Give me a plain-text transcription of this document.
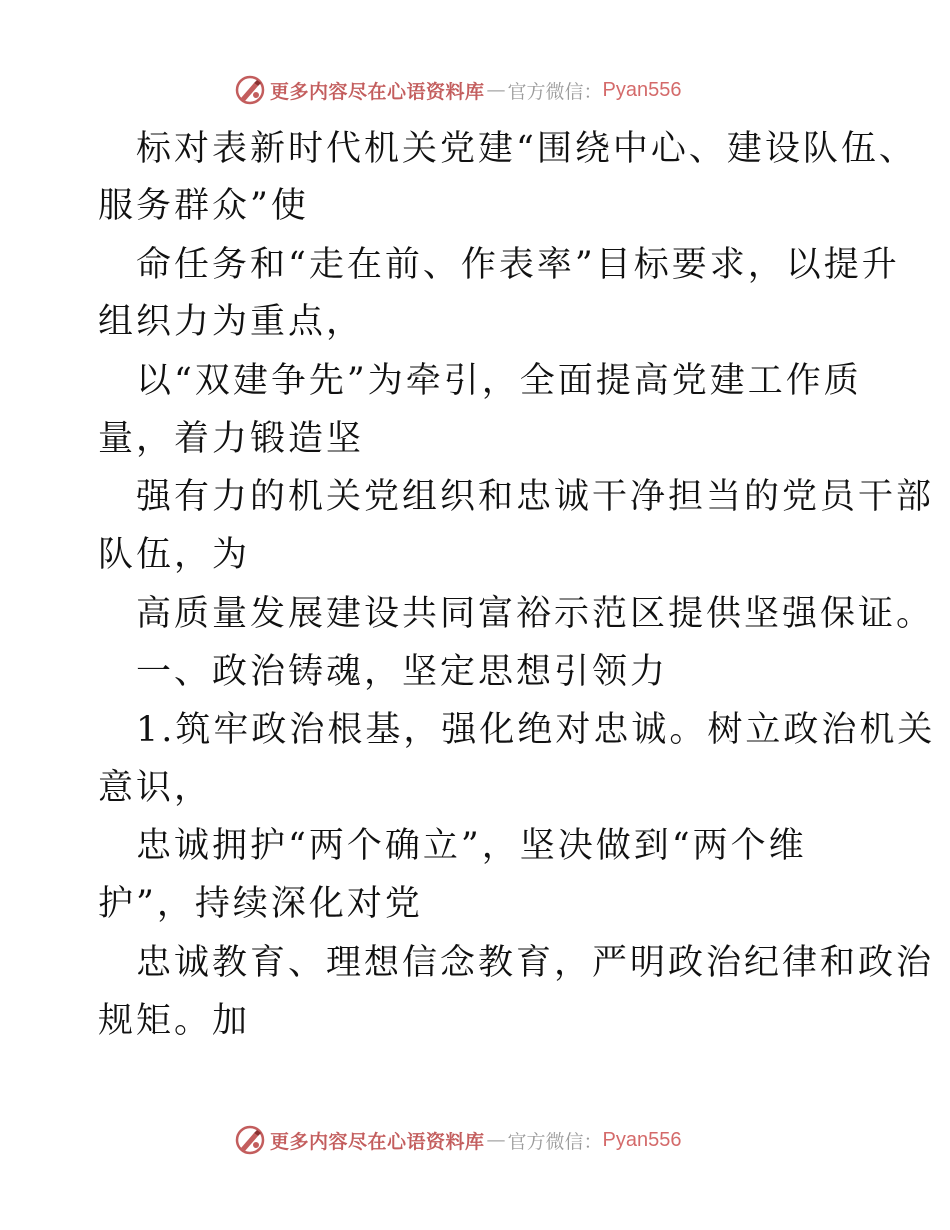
更多内容尽在心语资料库 — 官方微信： Pyan556
标对表新时代机关党建“围绕中心、建设队伍、
服务群众”使
命任务和“走在前、作表率”目标要求，以提升
组织力为重点，
以“双建争先”为牵引，全面提高党建工作质
量，着力锻造坚
强有力的机关党组织和忠诚干净担当的党员干部
队伍，为
高质量发展建设共同富裕示范区提供坚强保证。
一、政治铸魂，坚定思想引领力
1.筑牢政治根基，强化绝对忠诚。树立政治机关
意识，
忠诚拥护“两个确立”，坚决做到“两个维
护”，持续深化对党
忠诚教育、理想信念教育，严明政治纪律和政治
规矩。加
更多内容尽在心语资料库 — 官方微信： Pyan556
